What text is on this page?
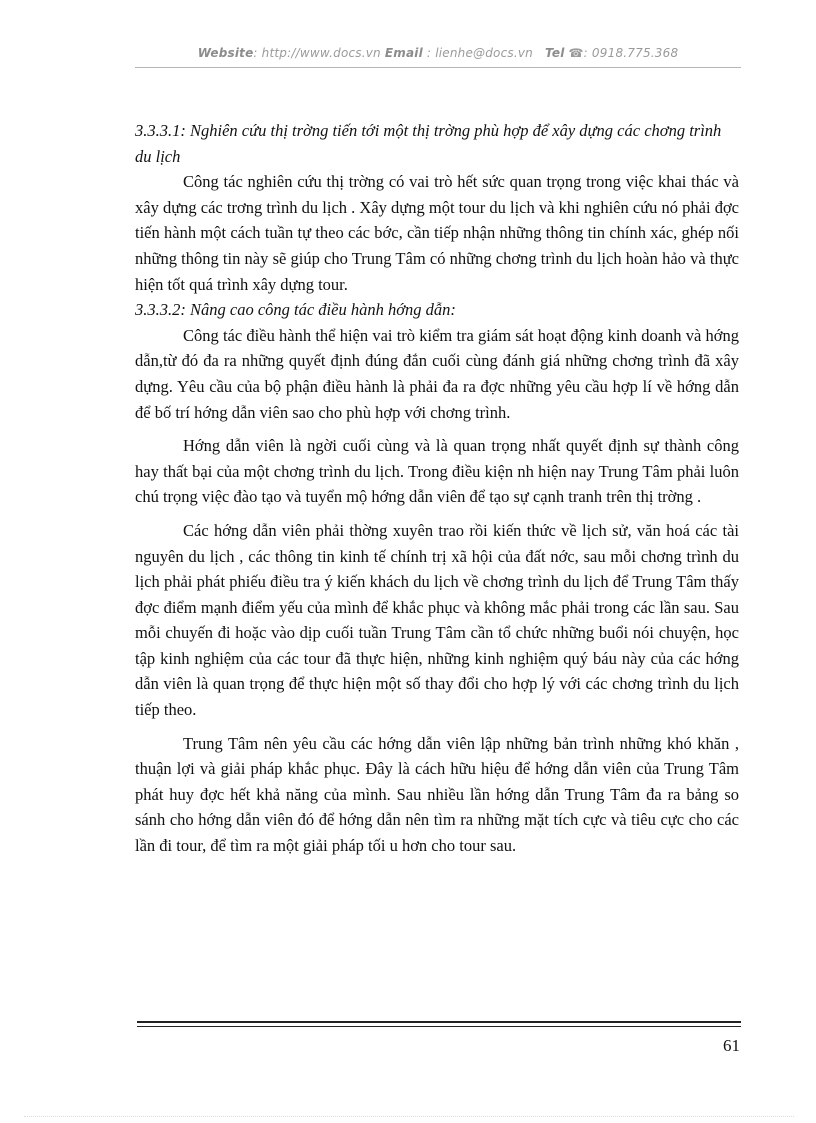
Website: http://www.docs.vn Email : lienhe@docs.vn Tel ☎: 0918.775.368

3.3.3.1: Nghiên cứu thị trờng tiến tới một thị trờng phù hợp để xây dựng các chơng trình du lịch

Công tác nghiên cứu thị trờng có vai trò hết sức quan trọng trong việc khai thác và xây dựng các trơng trình du lịch . Xây dựng một tour du lịch và khi nghiên cứu nó phải đợc tiến hành một cách tuần tự theo các bớc, cần tiếp nhận những thông tin chính xác, ghép nối những thông tin này sẽ giúp cho Trung Tâm có những chơng trình du lịch hoàn hảo và thực hiện tốt quá trình xây dựng tour.

3.3.3.2: Nâng cao công tác điều hành hớng dẫn:

Công tác điều hành thể hiện vai trò kiểm tra giám sát hoạt động kinh doanh và hớng dẫn,từ đó đa ra những quyết định đúng đắn cuối cùng đánh giá những chơng trình đã xây dựng. Yêu cầu của bộ phận điều hành là phải đa ra đợc những yêu cầu hợp lí về hớng dẫn để bố trí hớng dẫn viên sao cho phù hợp với chơng trình.

Hớng dẫn viên là ngời cuối cùng và là quan trọng nhất quyết định sự thành công hay thất bại của một chơng trình du lịch. Trong điều kiện nh hiện nay Trung Tâm phải luôn chú trọng việc đào tạo và tuyển mộ hớng dẫn viên để tạo sự cạnh tranh trên thị trờng .

Các hớng dẫn viên phải thờng xuyên trao rồi kiến thức về lịch sử, văn hoá các tài nguyên du lịch , các thông tin kinh tế chính trị xã hội của đất nớc, sau mỗi chơng trình du lịch phải phát phiếu điều tra ý kiến khách du lịch về chơng trình du lịch để Trung Tâm thấy đợc điểm mạnh điểm yếu của mình để khắc phục và không mắc phải trong các lần sau. Sau mỗi chuyến đi hoặc vào dịp cuối tuần Trung Tâm cần tổ chức những buổi nói chuyện, học tập kinh nghiệm của các tour đã thực hiện, những kinh nghiệm quý báu này của các hớng dẫn viên là quan trọng để thực hiện một số thay đổi cho hợp lý với các chơng trình du lịch tiếp theo.

Trung Tâm nên yêu cầu các hớng dẫn viên lập những bản trình những khó khăn , thuận lợi và giải pháp khắc phục. Đây là cách hữu hiệu để hớng dẫn viên của Trung Tâm phát huy đợc hết khả năng của mình. Sau nhiều lần hớng dẫn Trung Tâm đa ra bảng so sánh cho hớng dẫn viên đó để hớng dẫn nên tìm ra những mặt tích cực và tiêu cực cho các lần đi tour, để tìm ra một giải pháp tối u hơn cho tour sau.

61
